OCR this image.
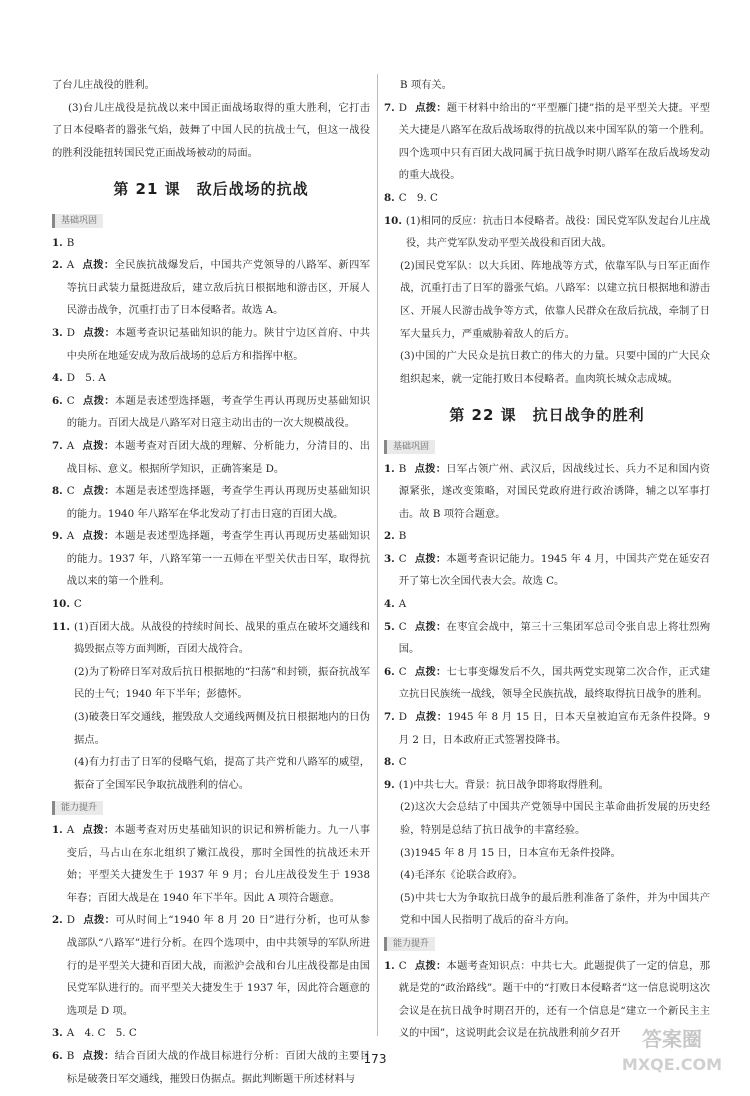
了台儿庄战役的胜利。

(3)台儿庄战役是抗战以来中国正面战场取得的重大胜利，它打击了日本侵略者的嚣张气焰，鼓舞了中国人民的抗战士气，但这一战役的胜利没能扭转国民党正面战场被动的局面。

第 21 课　敌后战场的抗战
基础巩固
1. B
2. A 点拨：全民族抗战爆发后，中国共产党领导的八路军、新四军等抗日武装力量挺进敌后，建立敌后抗日根据地和游击区，开展人民游击战争，沉重打击了日本侵略者。故选 A。
3. D 点拨：本题考查识记基础知识的能力。陕甘宁边区首府、中共中央所在地延安成为敌后战场的总后方和指挥中枢。
4. D　5. A
6. C 点拨：本题是表述型选择题，考查学生再认再现历史基础知识的能力。百团大战是八路军对日寇主动出击的一次大规模战役。
7. A 点拨：本题考查对百团大战的理解、分析能力，分清目的、出战目标、意义。根据所学知识，正确答案是 D。
8. C 点拨：本题是表述型选择题，考查学生再认再现历史基础知识的能力。1940 年八路军在华北发动了打击日寇的百团大战。
9. A 点拨：本题是表述型选择题，考查学生再认再现历史基础知识的能力。1937 年，八路军第一一五师在平型关伏击日军，取得抗战以来的第一个胜利。
10. C
11. (1)百团大战。从战役的持续时间长、战果的重点在破坏交通线和捣毁据点等方面判断，百团大战符合。

(2)为了粉碎日军对敌后抗日根据地的“扫荡”和封锁，振奋抗战军民的士气；1940 年下半年；彭德怀。

(3)破袭日军交通线，摧毁敌人交通线两侧及抗日根据地内的日伪据点。

(4)有力打击了日军的侵略气焰，提高了共产党和八路军的威望，振奋了全国军民争取抗战胜利的信心。

能力提升
1. A 点拨：本题考查对历史基础知识的识记和辨析能力。九一八事变后，马占山在东北组织了嫩江战役，那时全国性的抗战还未开始；平型关大捷发生于 1937 年 9 月；台儿庄战役发生于 1938 年春；百团大战是在 1940 年下半年。因此 A 项符合题意。
2. D 点拨：可从时间上“1940 年 8 月 20 日”进行分析，也可从参战部队“八路军”进行分析。在四个选项中，由中共领导的军队所进行的是平型关大捷和百团大战，而淞沪会战和台儿庄战役都是由国民党军队进行的。而平型关大捷发生于 1937 年，因此符合题意的选项是 D 项。
3. A　4. C　5. C
6. B 点拨：结合百团大战的作战目标进行分析：百团大战的主要目标是破袭日军交通线，摧毁日伪据点。据此判断题干所述材料与

B 项有关。

7. D 点拨：题干材料中给出的“平型雁门捷”指的是平型关大捷。平型关大捷是八路军在敌后战场取得的抗战以来中国军队的第一个胜利。四个选项中只有百团大战同属于抗日战争时期八路军在敌后战场发动的重大战役。
8. C　9. C
10. (1)相同的反应：抗击日本侵略者。战役：国民党军队发起台儿庄战役，共产党军队发动平型关战役和百团大战。

(2)国民党军队：以大兵团、阵地战等方式，依靠军队与日军正面作战，沉重打击了日军的嚣张气焰。八路军：以建立抗日根据地和游击区、开展人民游击战争等方式，依靠人民群众在敌后抗战，牵制了日军大量兵力，严重威胁着敌人的后方。

(3)中国的广大民众是抗日救亡的伟大的力量。只要中国的广大民众组织起来，就一定能打败日本侵略者。血肉筑长城众志成城。

第 22 课　抗日战争的胜利
基础巩固
1. B 点拨：日军占领广州、武汉后，因战线过长、兵力不足和国内资源紧张，遂改变策略，对国民党政府进行政治诱降，辅之以军事打击。故 B 项符合题意。
2. B
3. C 点拨：本题考查识记能力。1945 年 4 月，中国共产党在延安召开了第七次全国代表大会。故选 C。
4. A
5. C 点拨：在枣宜会战中，第三十三集团军总司令张自忠上将壮烈殉国。
6. C 点拨：七七事变爆发后不久，国共两党实现第二次合作，正式建立抗日民族统一战线，领导全民族抗战，最终取得抗日战争的胜利。
7. D 点拨：1945 年 8 月 15 日，日本天皇被迫宣布无条件投降。9 月 2 日，日本政府正式签署投降书。
8. C
9. (1)中共七大。背景：抗日战争即将取得胜利。

(2)这次大会总结了中国共产党领导中国民主革命曲折发展的历史经验，特别是总结了抗日战争的丰富经验。

(3)1945 年 8 月 15 日，日本宣布无条件投降。

(4)毛泽东《论联合政府》。

(5)中共七大为争取抗日战争的最后胜利准备了条件，并为中国共产党和中国人民指明了战后的奋斗方向。

能力提升
1. C 点拨：本题考查知识点：中共七大。此题提供了一定的信息，那就是党的“政治路线”。题干中的“打败日本侵略者”这一信息说明这次会议是在抗日战争时期召开的，还有一个信息是“建立一个新民主主义的中国”，这说明此会议是在抗战胜利前夕召开
173
答案圈
MXQE.COM
